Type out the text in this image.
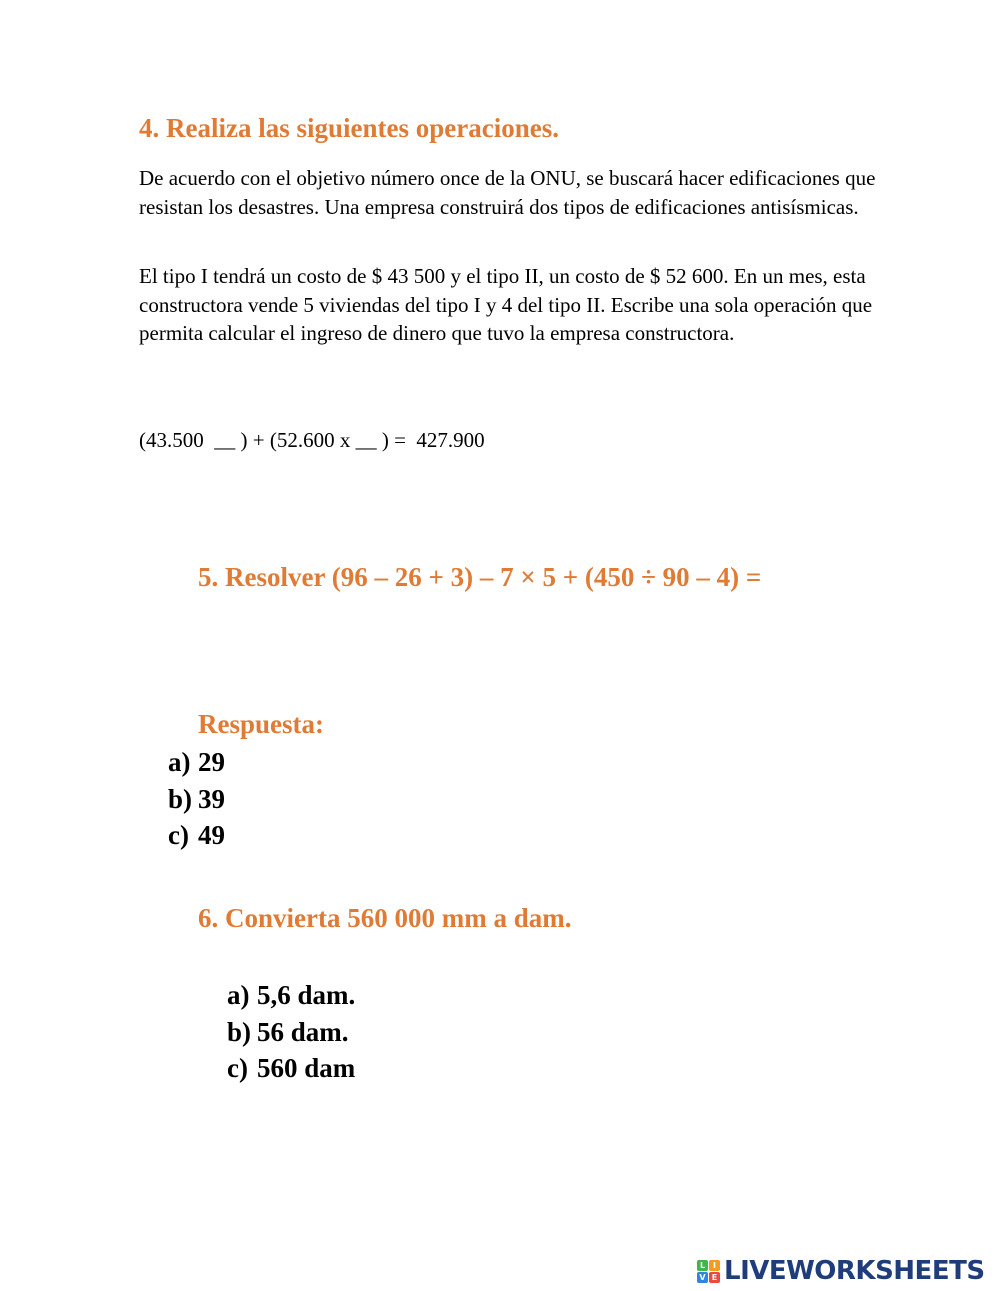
4. Realiza las siguientes operaciones.
De acuerdo con el objetivo número once de la ONU, se buscará hacer edificaciones que resistan los desastres. Una empresa construirá dos tipos de edificaciones antisísmicas.
El tipo I tendrá un costo de $ 43 500 y el tipo II, un costo de $ 52 600. En un mes, esta constructora vende 5 viviendas del tipo I y 4 del tipo II. Escribe una sola operación que permita calcular el ingreso de dinero que tuvo la empresa constructora.
(43.500  __ ) + (52.600 x __ ) =  427.900
5. Resolver (96 – 26 + 3) – 7 × 5 + (450 ÷ 90 – 4) =
Respuesta:
a) 29
b) 39
c) 49
6. Convierta 560 000 mm a dam.
a) 5,6 dam.
b) 56 dam.
c) 560 dam
L I
V E LIVEWORKSHEETS
